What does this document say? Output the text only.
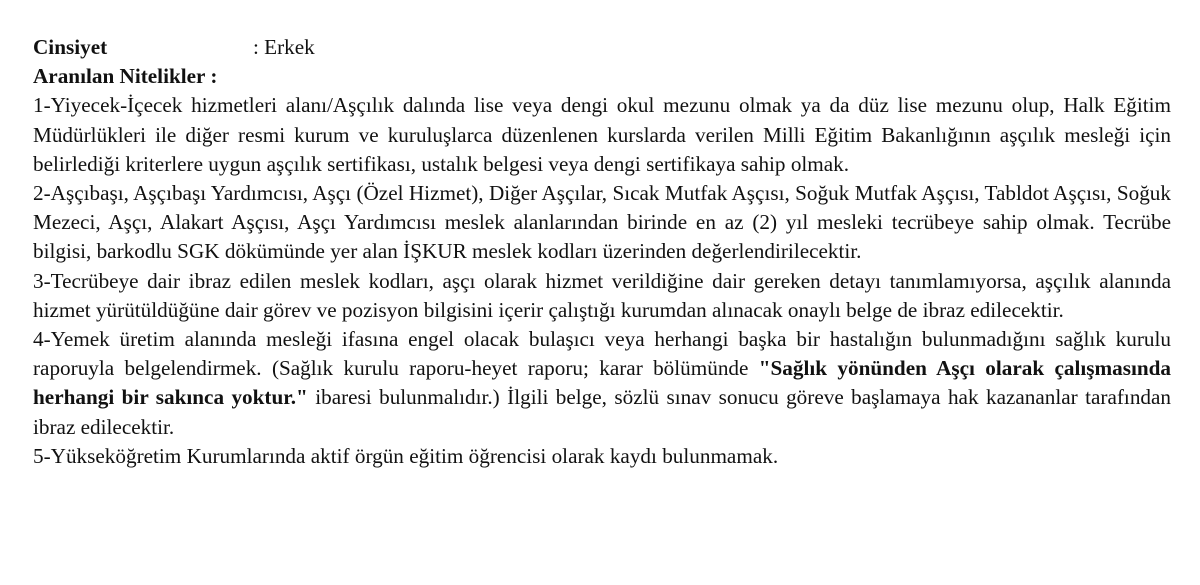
Cinsiyet	: Erkek
Aranılan Nitelikler :

1-Yiyecek-İçecek hizmetleri alanı/Aşçılık dalında lise veya dengi okul mezunu olmak ya da düz lise mezunu olup, Halk Eğitim Müdürlükleri ile diğer resmi kurum ve kuruluşlarca düzenlenen kurslarda verilen Milli Eğitim Bakanlığının aşçılık mesleği için belirlediği kriterlere uygun aşçılık sertifikası, ustalık belgesi veya dengi sertifikaya sahip olmak.

2-Aşçıbaşı, Aşçıbaşı Yardımcısı, Aşçı (Özel Hizmet), Diğer Aşçılar, Sıcak Mutfak Aşçısı, Soğuk Mutfak Aşçısı, Tabldot Aşçısı, Soğuk Mezeci, Aşçı, Alakart Aşçısı, Aşçı Yardımcısı meslek alanlarından birinde en az (2) yıl mesleki tecrübeye sahip olmak. Tecrübe bilgisi, barkodlu SGK dökümünde yer alan İŞKUR meslek kodları üzerinden değerlendirilecektir.

3-Tecrübeye dair ibraz edilen meslek kodları, aşçı olarak hizmet verildiğine dair gereken detayı tanımlamıyorsa, aşçılık alanında hizmet yürütüldüğüne dair görev ve pozisyon bilgisini içerir çalıştığı kurumdan alınacak onaylı belge de ibraz edilecektir.

4-Yemek üretim alanında mesleği ifasına engel olacak bulaşıcı veya herhangi başka bir hastalığın bulunmadığını sağlık kurulu raporuyla belgelendirmek. (Sağlık kurulu raporu-heyet raporu; karar bölümünde "Sağlık yönünden Aşçı olarak çalışmasında herhangi bir sakınca yoktur." ibaresi bulunmalıdır.) İlgili belge, sözlü sınav sonucu göreve başlamaya hak kazananlar tarafından ibraz edilecektir.

5-Yükseköğretim Kurumlarında aktif örgün eğitim öğrencisi olarak kaydı bulunmamak.
